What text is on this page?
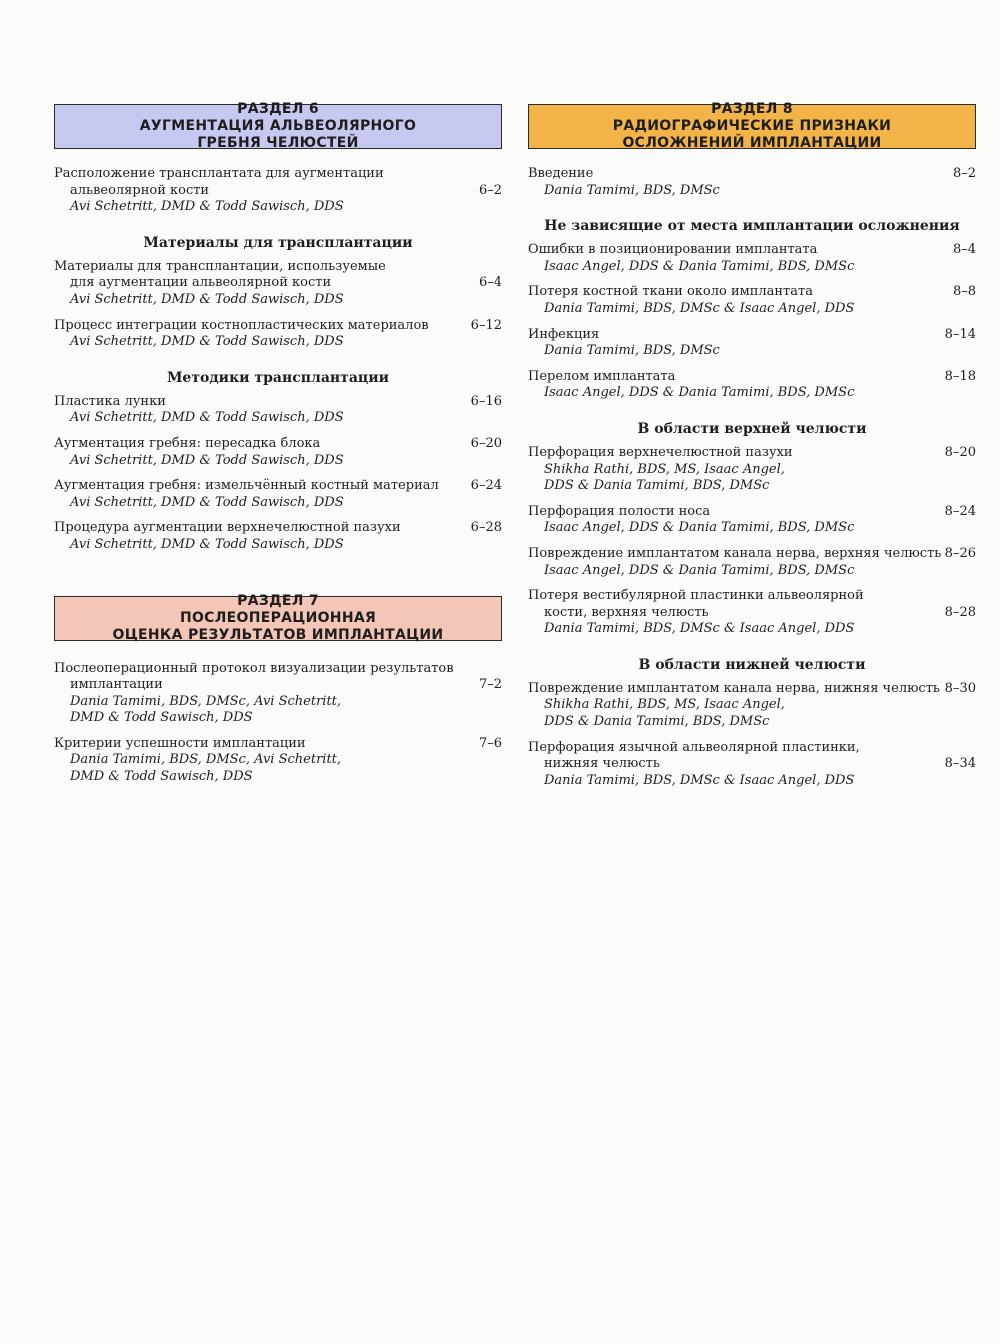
РАЗДЕЛ 6
АУГМЕНТАЦИЯ АЛЬВЕОЛЯРНОГО
ГРЕБНЯ ЧЕЛЮСТЕЙ
Расположение трансплантата для аугментации
альвеолярной кости	6–2
Avi Schetritt, DMD & Todd Sawisch, DDS
Материалы для трансплантации
Материалы для трансплантации, используемые
для аугментации альвеолярной кости	6–4
Avi Schetritt, DMD & Todd Sawisch, DDS
Процесс интеграции костнопластических материалов	6–12
Avi Schetritt, DMD & Todd Sawisch, DDS
Методики трансплантации
Пластика лунки	6–16
Avi Schetritt, DMD & Todd Sawisch, DDS
Аугментация гребня: пересадка блока	6–20
Avi Schetritt, DMD & Todd Sawisch, DDS
Аугментация гребня: измельчённый костный материал	6–24
Avi Schetritt, DMD & Todd Sawisch, DDS
Процедура аугментации верхнечелюстной пазухи	6–28
Avi Schetritt, DMD & Todd Sawisch, DDS
РАЗДЕЛ 7
ПОСЛЕОПЕРАЦИОННАЯ
ОЦЕНКА РЕЗУЛЬТАТОВ ИМПЛАНТАЦИИ
Послеоперационный протокол визуализации результатов
имплантации	7–2
Dania Tamimi, BDS, DMSc, Avi Schetritt,
DMD & Todd Sawisch, DDS
Критерии успешности имплантации	7–6
Dania Tamimi, BDS, DMSc, Avi Schetritt,
DMD & Todd Sawisch, DDS
РАЗДЕЛ 8
РАДИОГРАФИЧЕСКИЕ ПРИЗНАКИ
ОСЛОЖНЕНИЙ ИМПЛАНТАЦИИ
Введение	8–2
Dania Tamimi, BDS, DMSc
Не зависящие от места имплантации осложнения
Ошибки в позиционировании имплантата	8–4
Isaac Angel, DDS & Dania Tamimi, BDS, DMSc
Потеря костной ткани около имплантата	8–8
Dania Tamimi, BDS, DMSc & Isaac Angel, DDS
Инфекция	8–14
Dania Tamimi, BDS, DMSc
Перелом имплантата	8–18
Isaac Angel, DDS & Dania Tamimi, BDS, DMSc
В области верхней челюсти
Перфорация верхнечелюстной пазухи	8–20
Shikha Rathi, BDS, MS, Isaac Angel,
DDS & Dania Tamimi, BDS, DMSc
Перфорация полости носа	8–24
Isaac Angel, DDS & Dania Tamimi, BDS, DMSc
Повреждение имплантатом канала нерва, верхняя челюсть 8–26
Isaac Angel, DDS & Dania Tamimi, BDS, DMSc
Потеря вестибулярной пластинки альвеолярной
кости, верхняя челюсть	8–28
Dania Tamimi, BDS, DMSc & Isaac Angel, DDS
В области нижней челюсти
Повреждение имплантатом канала нерва, нижняя челюсть 8–30
Shikha Rathi, BDS, MS, Isaac Angel,
DDS & Dania Tamimi, BDS, DMSc
Перфорация язычной альвеолярной пластинки,
нижняя челюсть	8–34
Dania Tamimi, BDS, DMSc & Isaac Angel, DDS
